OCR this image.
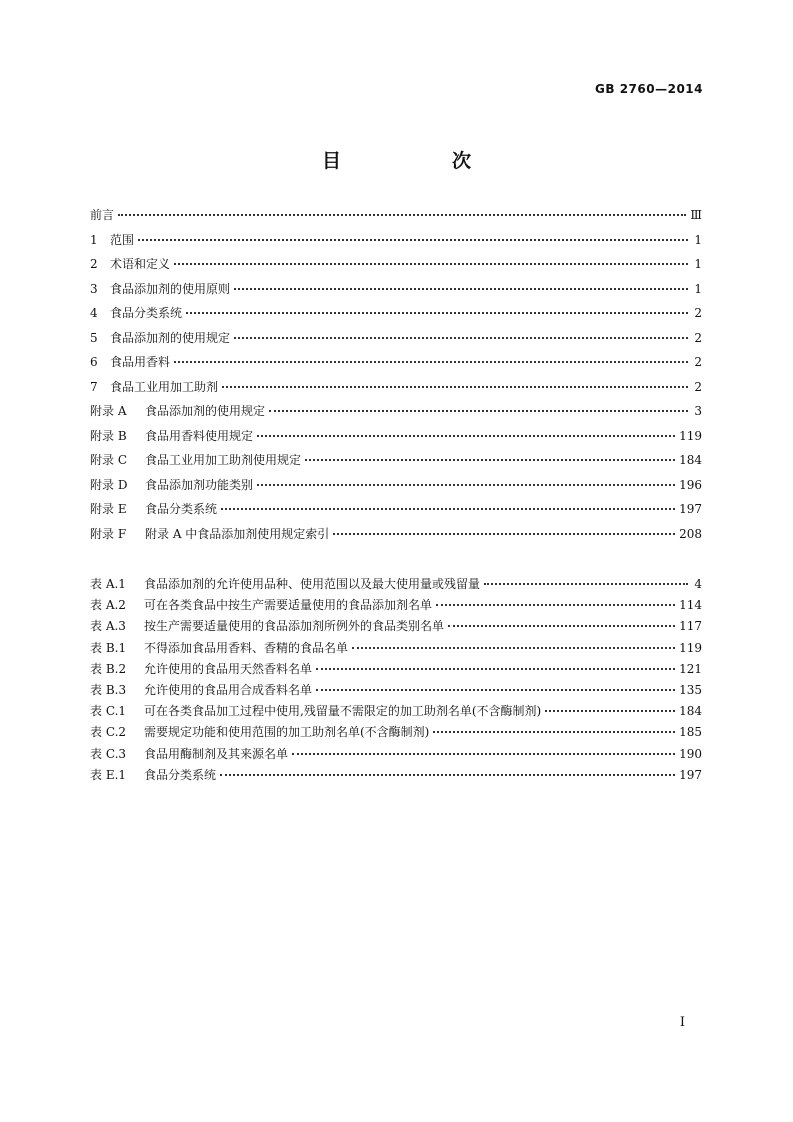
GB 2760—2014
目　次
前言	Ⅲ
1	范围	1
2	术语和定义	1
3	食品添加剂的使用原则	1
4	食品分类系统	2
5	食品添加剂的使用规定	2
6	食品用香料	2
7	食品工业用加工助剂	2
附录 A	食品添加剂的使用规定	3
附录 B	食品用香料使用规定	119
附录 C	食品工业用加工助剂使用规定	184
附录 D	食品添加剂功能类别	196
附录 E	食品分类系统	197
附录 F	附录 A 中食品添加剂使用规定索引	208
表 A.1	食品添加剂的允许使用品种、使用范围以及最大使用量或残留量	4
表 A.2	可在各类食品中按生产需要适量使用的食品添加剂名单	114
表 A.3	按生产需要适量使用的食品添加剂所例外的食品类别名单	117
表 B.1	不得添加食品用香料、香精的食品名单	119
表 B.2	允许使用的食品用天然香料名单	121
表 B.3	允许使用的食品用合成香料名单	135
表 C.1	可在各类食品加工过程中使用,残留量不需限定的加工助剂名单(不含酶制剂)	184
表 C.2	需要规定功能和使用范围的加工助剂名单(不含酶制剂)	185
表 C.3	食品用酶制剂及其来源名单	190
表 E.1	食品分类系统	197
I
